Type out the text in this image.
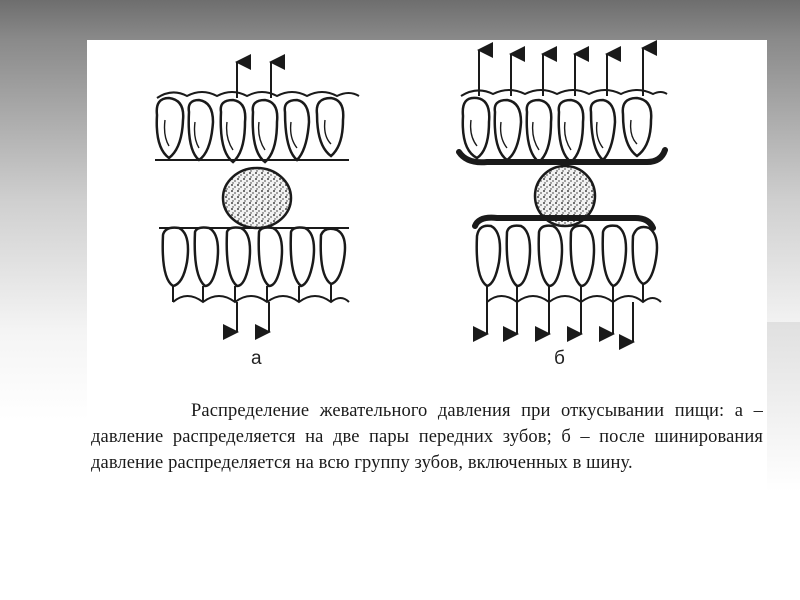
а	б

Распределение жевательного давления при откусывании пищи: а – давление распределяется на две пары передних зубов; б – после шинирования давление распределяется на всю группу зубов, включенных в шину.
